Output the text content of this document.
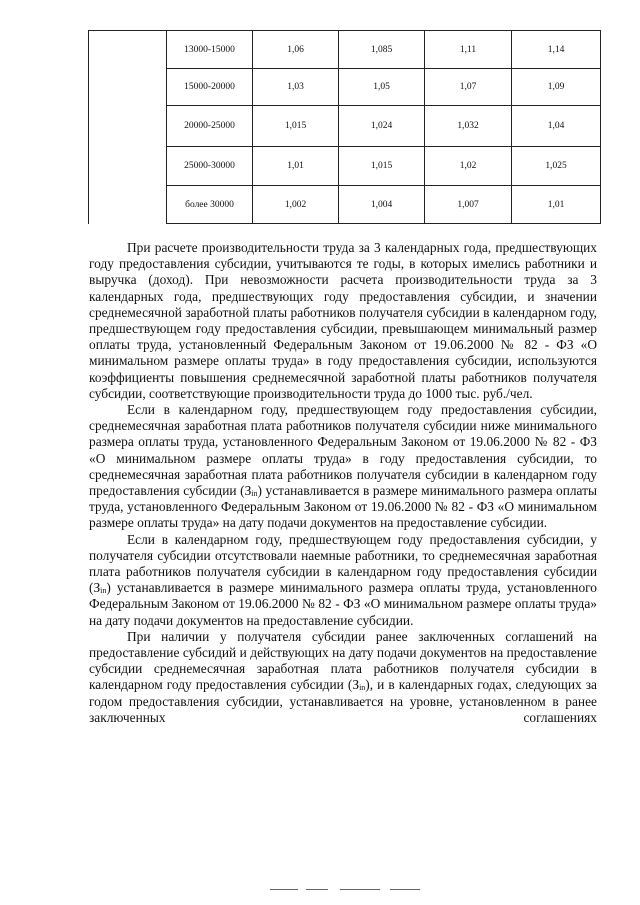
	13000-15000	1,06	1,085	1,11	1,14
	15000-20000	1,03	1,05	1,07	1,09
	20000-25000	1,015	1,024	1,032	1,04
	25000-30000	1,01	1,015	1,02	1,025
	более 30000	1,002	1,004	1,007	1,01

При расчете производительности труда за 3 календарных года, предшествующих году предоставления субсидии, учитываются те годы, в которых имелись работники и выручка (доход). При невозможности расчета производительности труда за 3 календарных года, предшествующих году предоставления субсидии, и значении среднемесячной заработной платы работников получателя субсидии в календарном году, предшествующем году предоставления субсидии, превышающем минимальный размер оплаты труда, установленный Федеральным Законом от 19.06.2000 № 82 - ФЗ «О минимальном размере оплаты труда» в году предоставления субсидии, используются коэффициенты повышения среднемесячной заработной платы работников получателя субсидии, соответствующие производительности труда до 1000 тыс. руб./чел.

Если в календарном году, предшествующем году предоставления субсидии, среднемесячная заработная плата работников получателя субсидии ниже минимального размера оплаты труда, установленного Федеральным Законом от 19.06.2000 № 82 - ФЗ «О минимальном размере оплаты труда» в году предоставления субсидии, то среднемесячная заработная плата работников получателя субсидии в календарном году предоставления субсидии $(З_{in})$ устанавливается в размере минимального размера оплаты труда, установленного Федеральным Законом от 19.06.2000 № 82 - ФЗ «О минимальном размере оплаты труда» на дату подачи документов на предоставление субсидии.

Если в календарном году, предшествующем году предоставления субсидии, у получателя субсидии отсутствовали наемные работники, то среднемесячная заработная плата работников получателя субсидии в календарном году предоставления субсидии $(З_{in})$ устанавливается в размере минимального размера оплаты труда, установленного Федеральным Законом от 19.06.2000 № 82 - ФЗ «О минимальном размере оплаты труда» на дату подачи документов на предоставление субсидии.

При наличии у получателя субсидии ранее заключенных соглашений на предоставление субсидий и действующих на дату подачи документов на предоставление субсидии среднемесячная заработная плата работников получателя субсидии в календарном году предоставления субсидии $(З_{in})$, и в календарных годах, следующих за годом предоставления субсидии, устанавливается на уровне, установленном в ранее заключенных соглашениях
